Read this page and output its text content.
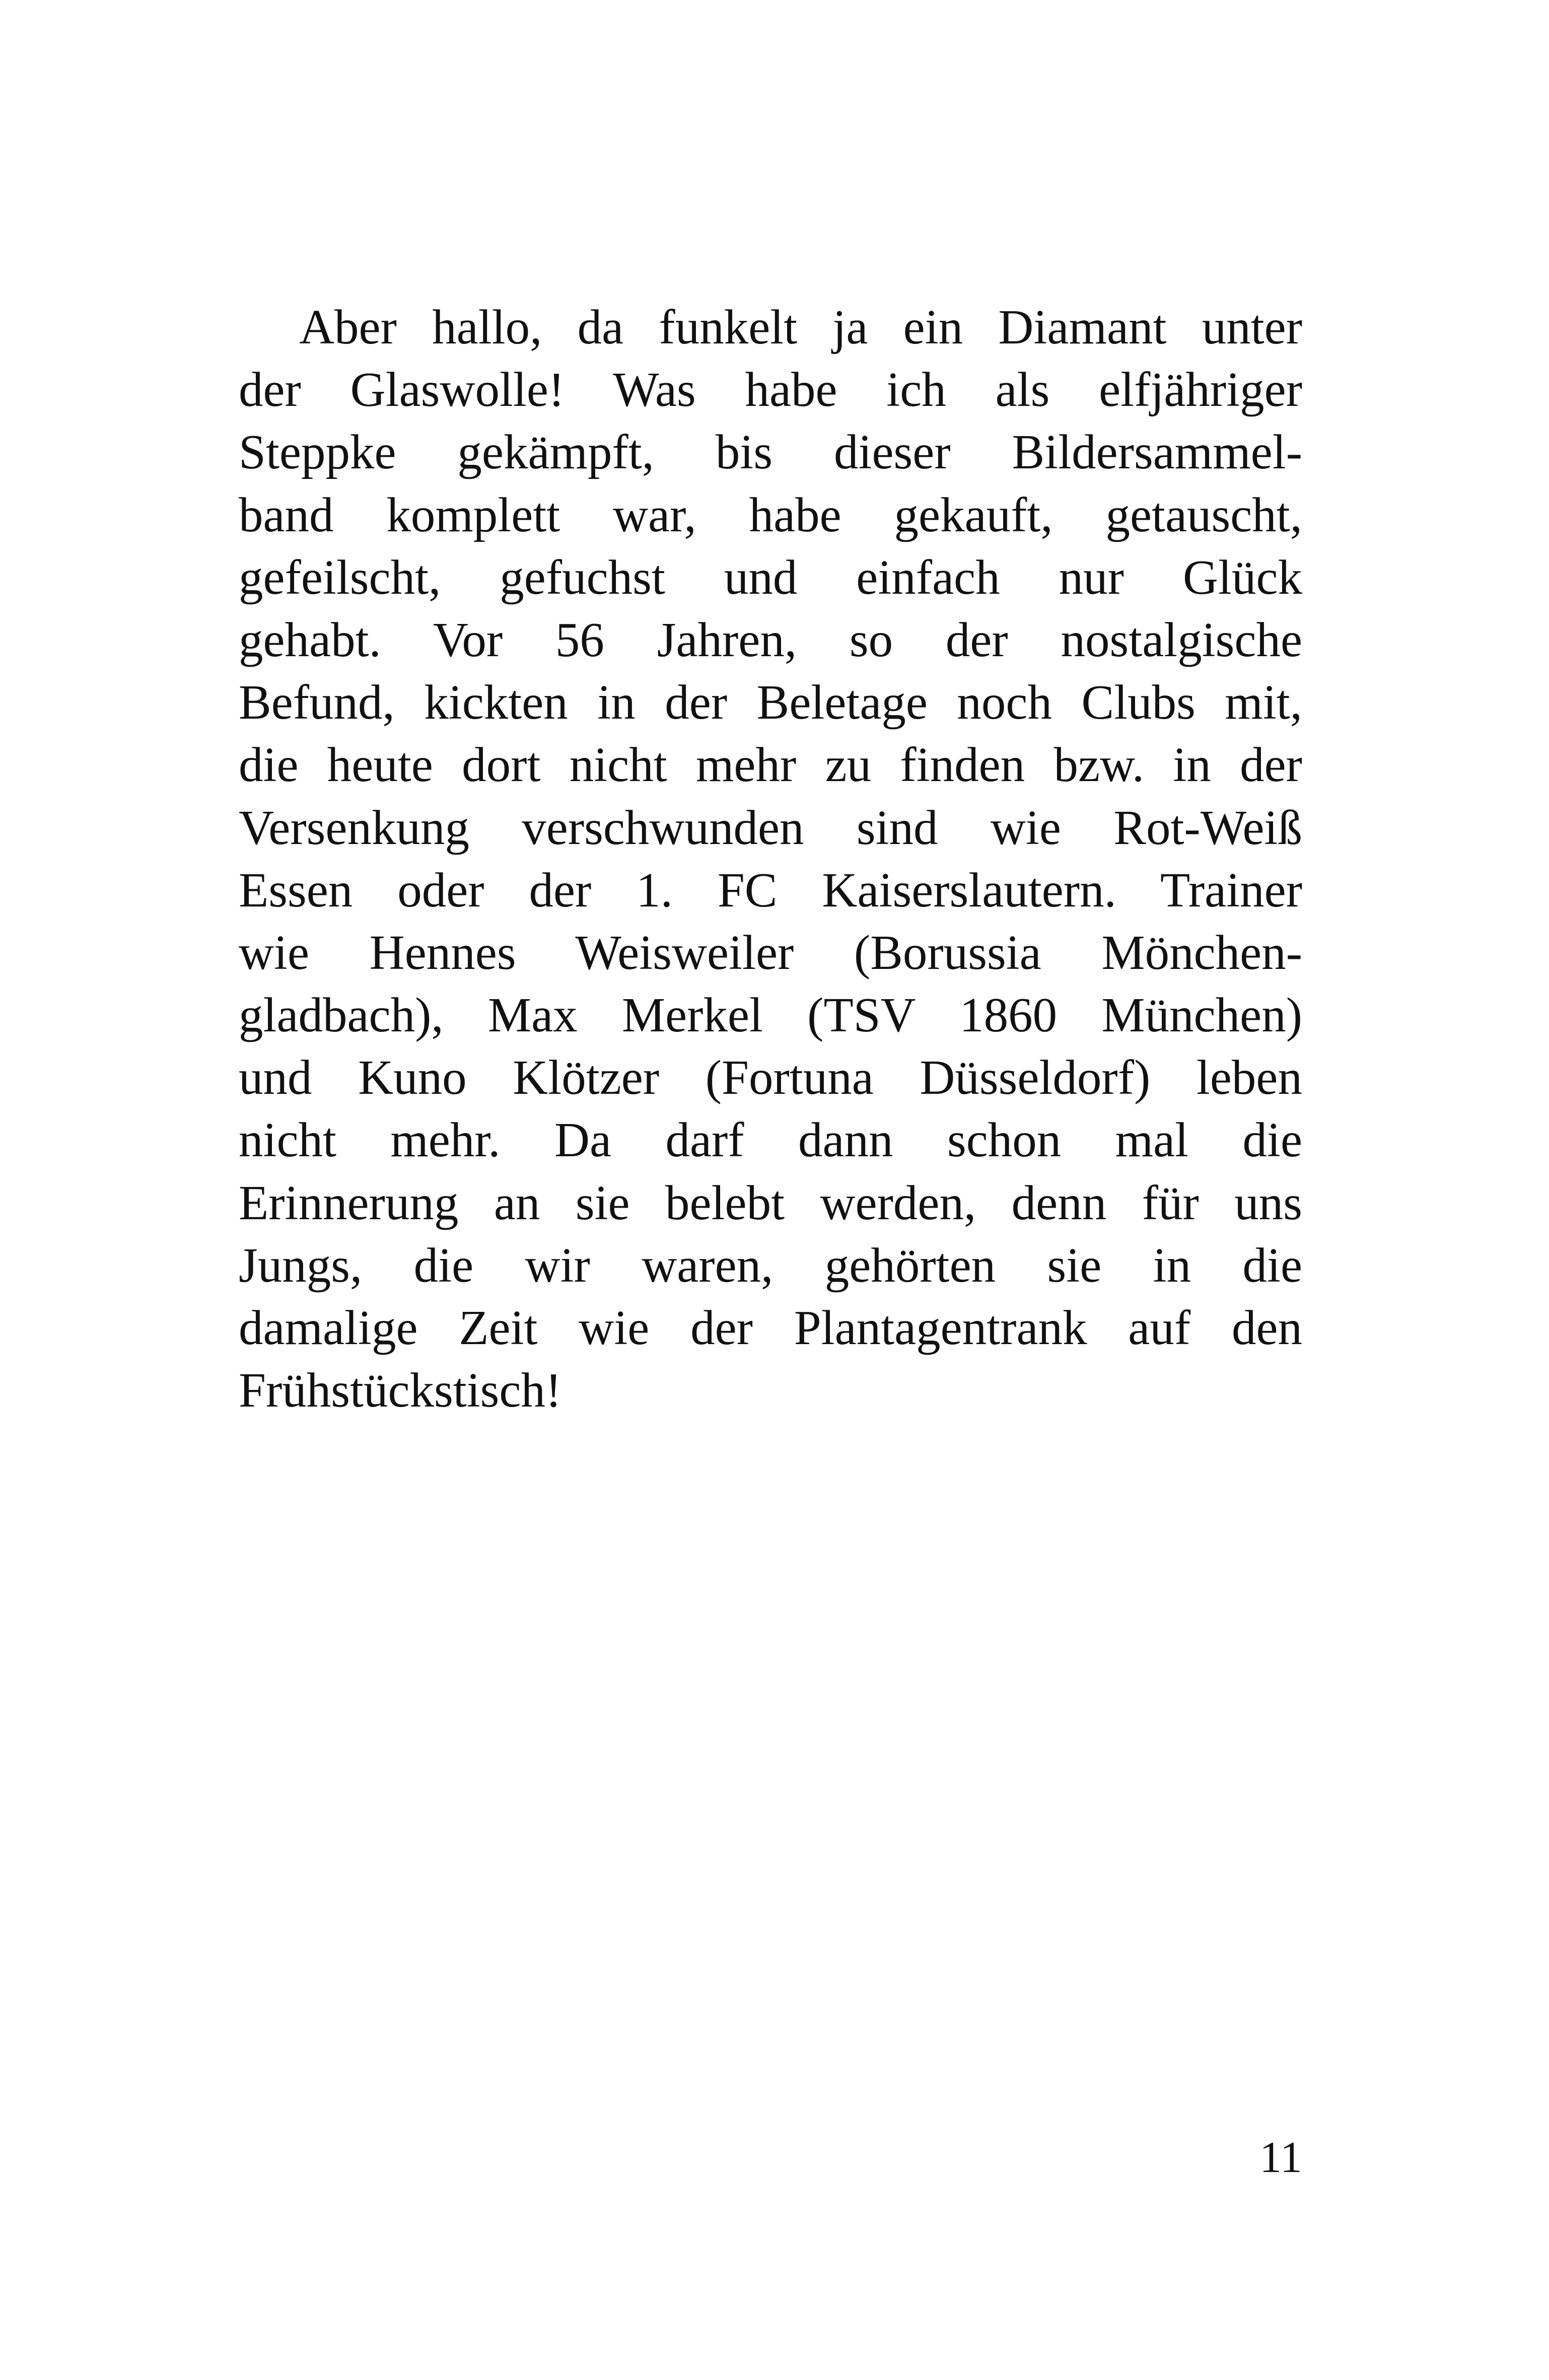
Aber hallo, da funkelt ja ein Diamant unter
der Glaswolle! Was habe ich als elfjähriger
Steppke gekämpft, bis dieser Bildersammel-
band komplett war, habe gekauft, getauscht,
gefeilscht, gefuchst und einfach nur Glück
gehabt. Vor 56 Jahren, so der nostalgische
Befund, kickten in der Beletage noch Clubs mit,
die heute dort nicht mehr zu finden bzw. in der
Versenkung verschwunden sind wie Rot-Weiß
Essen oder der 1. FC Kaiserslautern. Trainer
wie Hennes Weisweiler (Borussia Mönchen-
gladbach), Max Merkel (TSV 1860 München)
und Kuno Klötzer (Fortuna Düsseldorf) leben
nicht mehr. Da darf dann schon mal die
Erinnerung an sie belebt werden, denn für uns
Jungs, die wir waren, gehörten sie in die
damalige Zeit wie der Plantagentrank auf den
Frühstückstisch!
11
